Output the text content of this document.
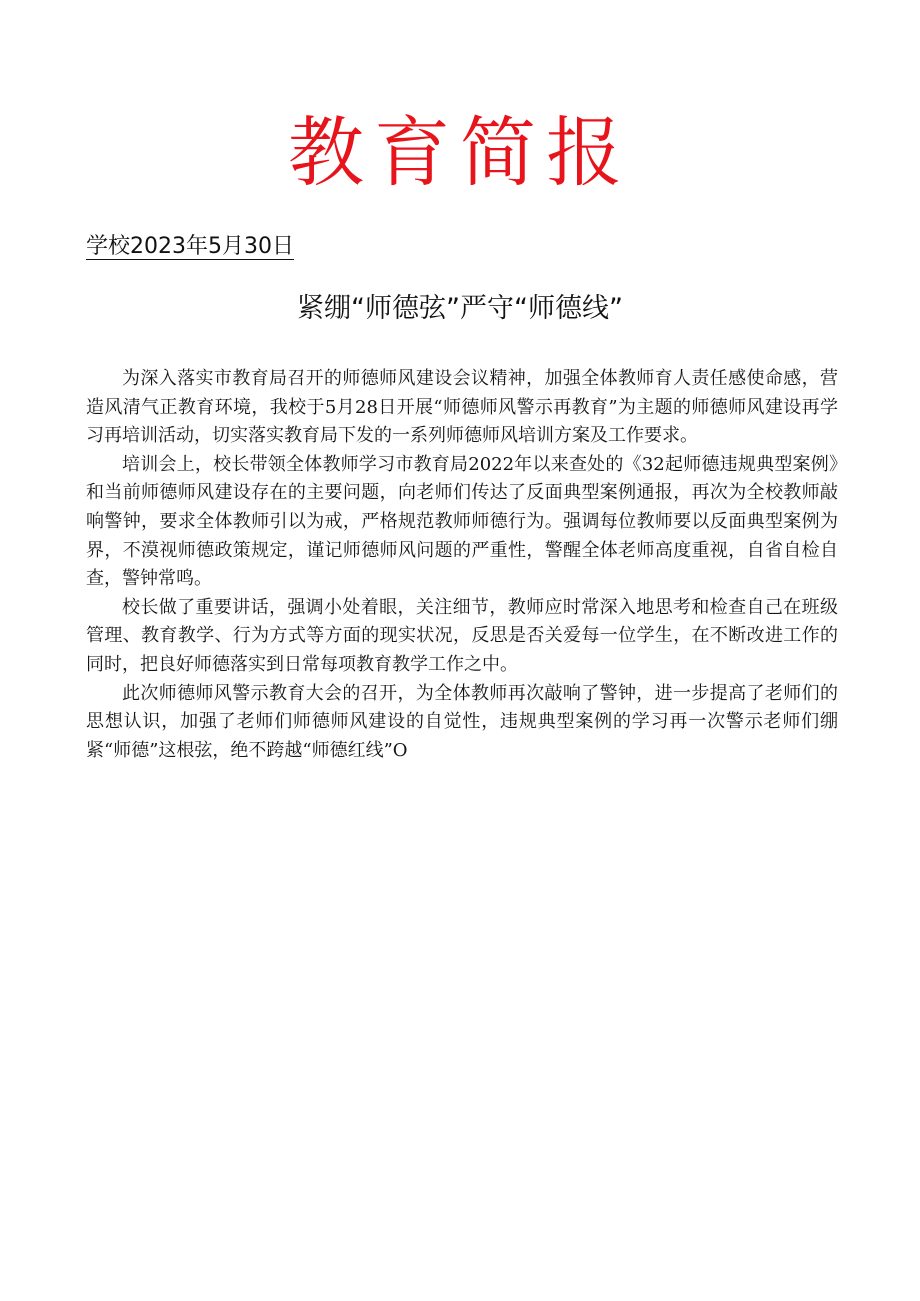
教育简报
学校2023年5月30日
紧绷“师德弦”严守“师德线”

为深入落实市教育局召开的师德师风建设会议精神，加强全体教师育人责任感使命感，营造风清气正教育环境，我校于5月28日开展“师德师风警示再教育”为主题的师德师风建设再学习再培训活动，切实落实教育局下发的一系列师德师风培训方案及工作要求。

培训会上，校长带领全体教师学习市教育局2022年以来查处的《32起师德违规典型案例》和当前师德师风建设存在的主要问题，向老师们传达了反面典型案例通报，再次为全校教师敲响警钟，要求全体教师引以为戒，严格规范教师师德行为。强调每位教师要以反面典型案例为界，不漠视师德政策规定，谨记师德师风问题的严重性，警醒全体老师高度重视，自省自检自查，警钟常鸣。

校长做了重要讲话，强调小处着眼，关注细节，教师应时常深入地思考和检查自己在班级管理、教育教学、行为方式等方面的现实状况，反思是否关爱每一位学生，在不断改进工作的同时，把良好师德落实到日常每项教育教学工作之中。

此次师德师风警示教育大会的召开，为全体教师再次敲响了警钟，进一步提高了老师们的思想认识，加强了老师们师德师风建设的自觉性，违规典型案例的学习再一次警示老师们绷紧“师德”这根弦，绝不跨越“师德红线”O
